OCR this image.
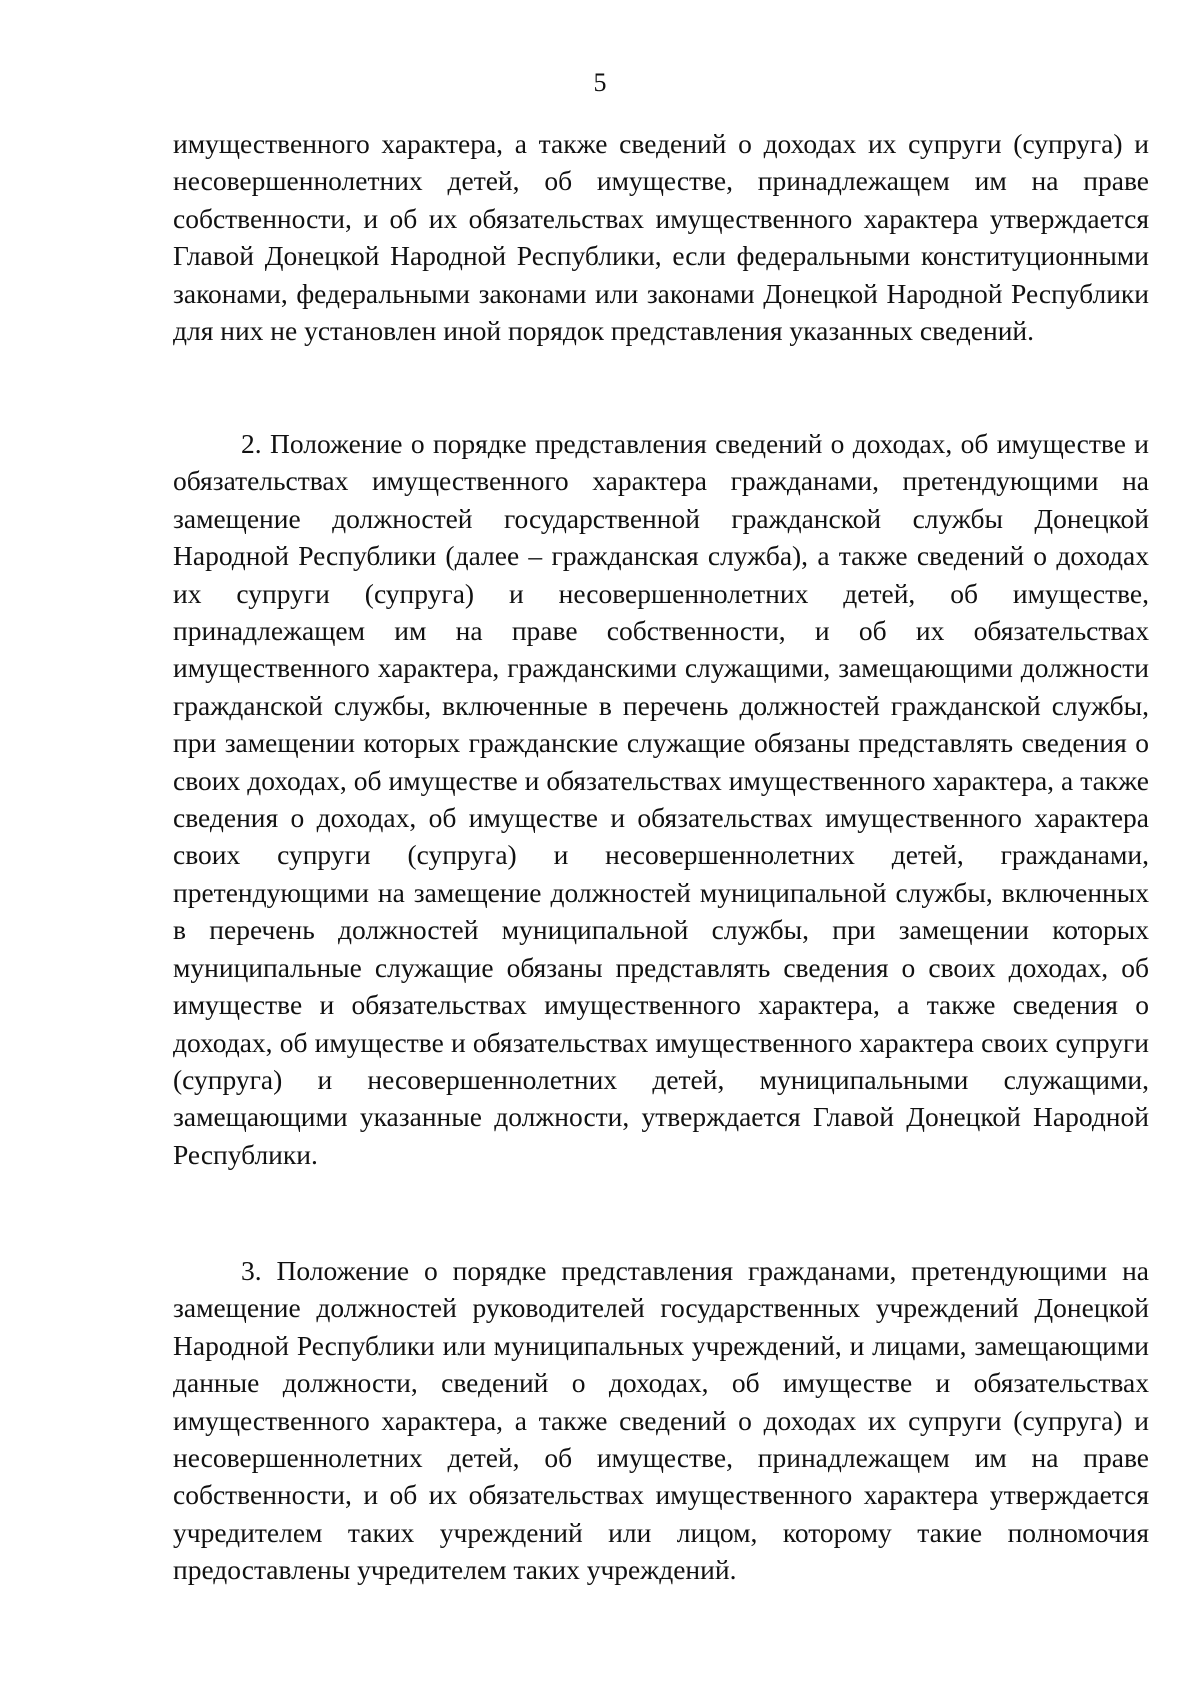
5

имущественного характера, а также сведений о доходах их супруги (супруга) и несовершеннолетних детей, об имуществе, принадлежащем им на праве собственности, и об их обязательствах имущественного характера утверждается Главой Донецкой Народной Республики, если федеральными конституционными законами, федеральными законами или законами Донецкой Народной Республики для них не установлен иной порядок представления указанных сведений.

2. Положение о порядке представления сведений о доходах, об имуществе и обязательствах имущественного характера гражданами, претендующими на замещение должностей государственной гражданской службы Донецкой Народной Республики (далее – гражданская служба), а также сведений о доходах их супруги (супруга) и несовершеннолетних детей, об имуществе, принадлежащем им на праве собственности, и об их обязательствах имущественного характера, гражданскими служащими, замещающими должности гражданской службы, включенные в перечень должностей гражданской службы, при замещении которых гражданские служащие обязаны представлять сведения о своих доходах, об имуществе и обязательствах имущественного характера, а также сведения о доходах, об имуществе и обязательствах имущественного характера своих супруги (супруга) и несовершеннолетних детей, гражданами, претендующими на замещение должностей муниципальной службы, включенных в перечень должностей муниципальной службы, при замещении которых муниципальные служащие обязаны представлять сведения о своих доходах, об имуществе и обязательствах имущественного характера, а также сведения о доходах, об имуществе и обязательствах имущественного характера своих супруги (супруга) и несовершеннолетних детей, муниципальными служащими, замещающими указанные должности, утверждается Главой Донецкой Народной Республики.

3. Положение о порядке представления гражданами, претендующими на замещение должностей руководителей государственных учреждений Донецкой Народной Республики или муниципальных учреждений, и лицами, замещающими данные должности, сведений о доходах, об имуществе и обязательствах имущественного характера, а также сведений о доходах их супруги (супруга) и несовершеннолетних детей, об имуществе, принадлежащем им на праве собственности, и об их обязательствах имущественного характера утверждается учредителем таких учреждений или лицом, которому такие полномочия предоставлены учредителем таких учреждений.
